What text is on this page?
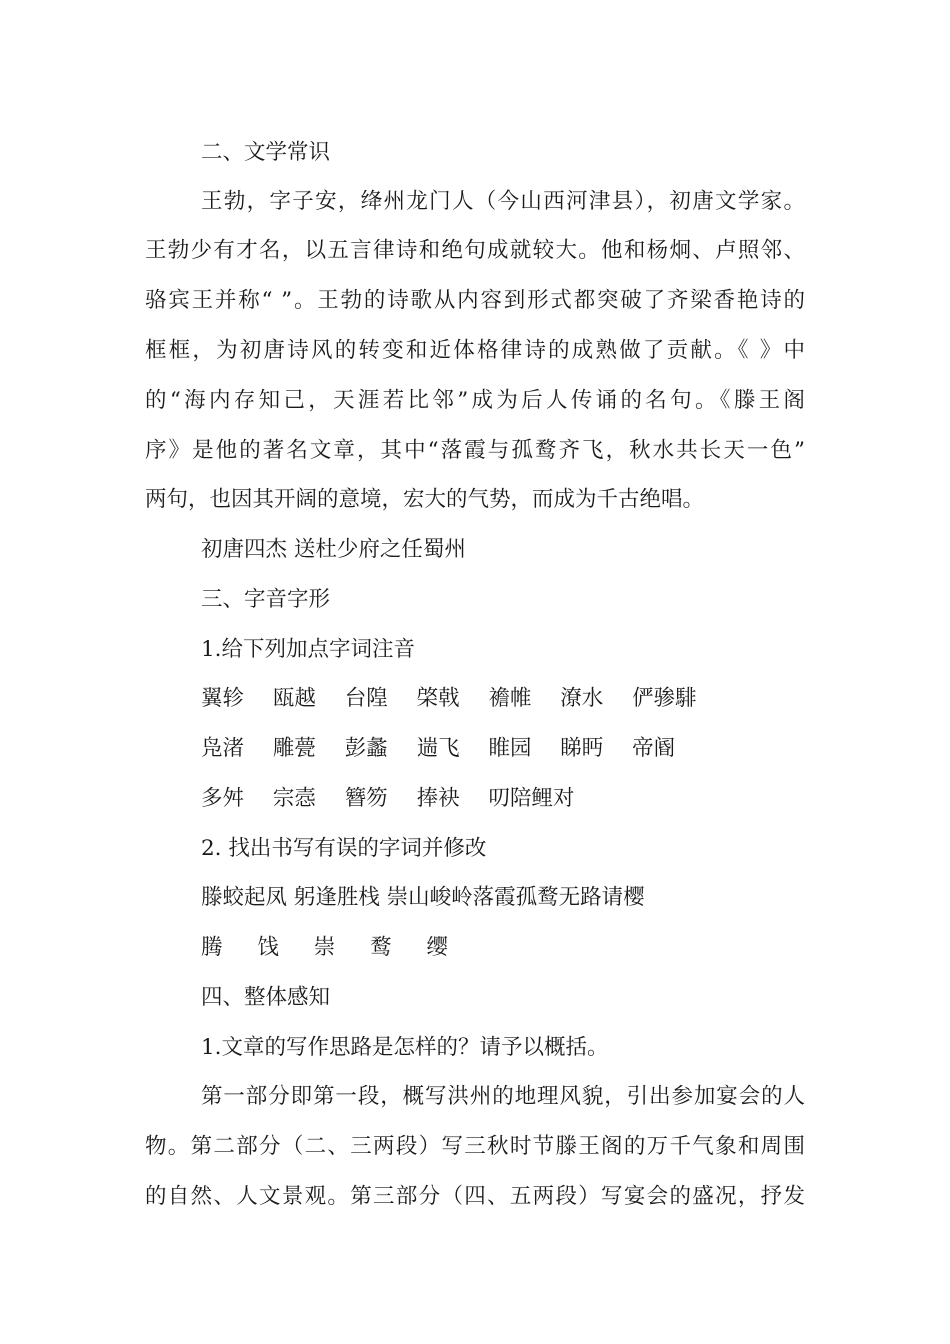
二、文学常识
王勃，字子安，绛州龙门人（今山西河津县），初唐文学家。
王勃少有才名，以五言律诗和绝句成就较大。他和杨炯、卢照邻、
骆宾王并称“ ”。王勃的诗歌从内容到形式都突破了齐梁香艳诗的
框框，为初唐诗风的转变和近体格律诗的成熟做了贡献。《 》中
的“海内存知己，天涯若比邻”成为后人传诵的名句。《滕王阁
序》是他的著名文章，其中“落霞与孤鹜齐飞，秋水共长天一色”
两句，也因其开阔的意境，宏大的气势，而成为千古绝唱。
初唐四杰 送杜少府之任蜀州
三、字音字形
1.给下列加点字词注音
翼轸 瓯越 台隍 棨戟 襜帷 潦水 俨骖騑
凫渚 雕甍 彭蠡 遄飞 睢园 睇眄 帝阍
多舛 宗悫 簪笏 捧袂 叨陪鲤对
2. 找出书写有误的字词并修改
滕蛟起凤 躬逢胜栈 崇山峻岭落霞孤鹜无路请樱
腾 饯 崇 鹜 缨
四、整体感知
1.文章的写作思路是怎样的？请予以概括。
第一部分即第一段，概写洪州的地理风貌，引出参加宴会的人
物。第二部分（二、三两段）写三秋时节滕王阁的万千气象和周围
的自然、人文景观。第三部分（四、五两段）写宴会的盛况，抒发
